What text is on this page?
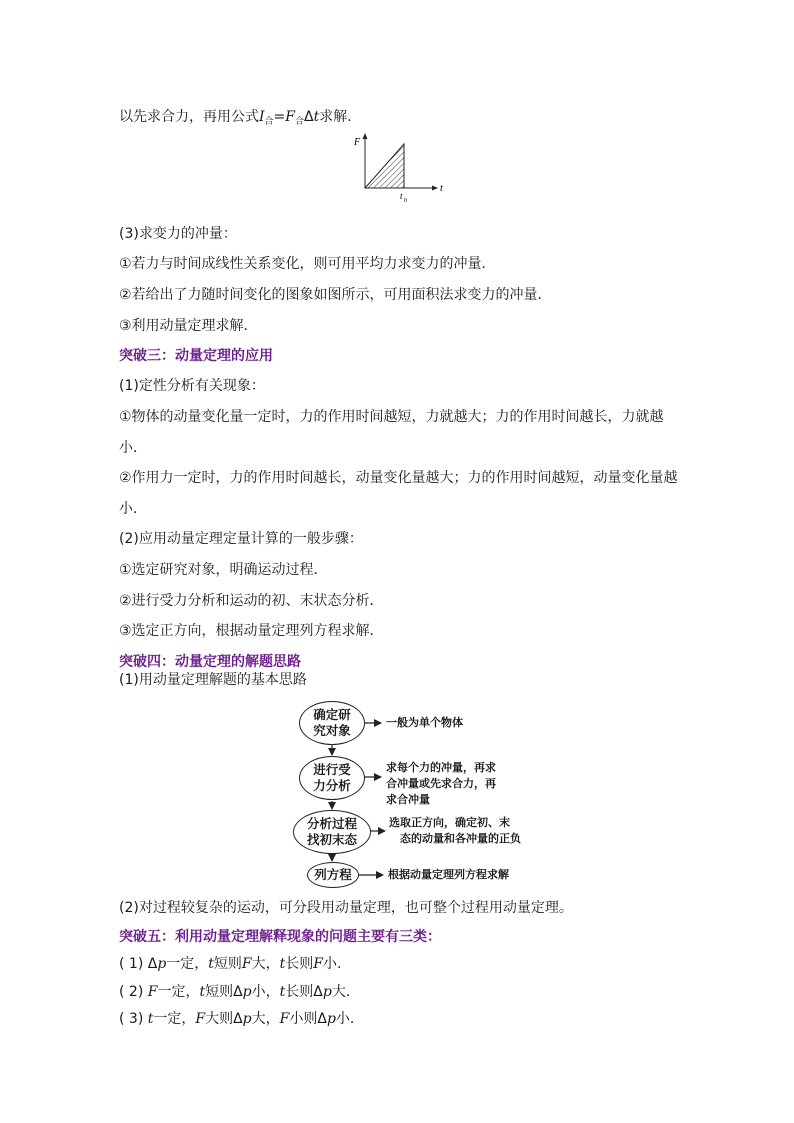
以先求合力，再用公式$I_合=F_合\Delta t$求解．
F
t
t 0
(3)求变力的冲量：
①若力与时间成线性关系变化，则可用平均力求变力的冲量．
②若给出了力随时间变化的图象如图所示，可用面积法求变力的冲量．
③利用动量定理求解．
突破三：动量定理的应用
(1)定性分析有关现象：
①物体的动量变化量一定时，力的作用时间越短，力就越大；力的作用时间越长，力就越
小．
②作用力一定时，力的作用时间越长，动量变化量越大；力的作用时间越短，动量变化量越
小．
(2)应用动量定理定量计算的一般步骤：
①选定研究对象，明确运动过程．
②进行受力分析和运动的初、末状态分析．
③选定正方向，根据动量定理列方程求解．
突破四：动量定理的解题思路
(1)用动量定理解题的基本思路
确定研
究对象
一般为单个物体
进行受
力分析
求每个力的冲量，再求
合冲量或先求合力，再
求合冲量
分析过程
找初末态
选取正方向，确定初、末
态的动量和各冲量的正负
列方程	根据动量定理列方程求解
(2)对过程较复杂的运动，可分段用动量定理，也可整个过程用动量定理。
突破五：利用动量定理解释现象的问题主要有三类：
( 1) Δp一定，t短则F大，t长则F小.
( 2) F一定，t短则Δp小，t长则Δp大.
( 3) t一定，F大则Δp大，F小则Δp小.
